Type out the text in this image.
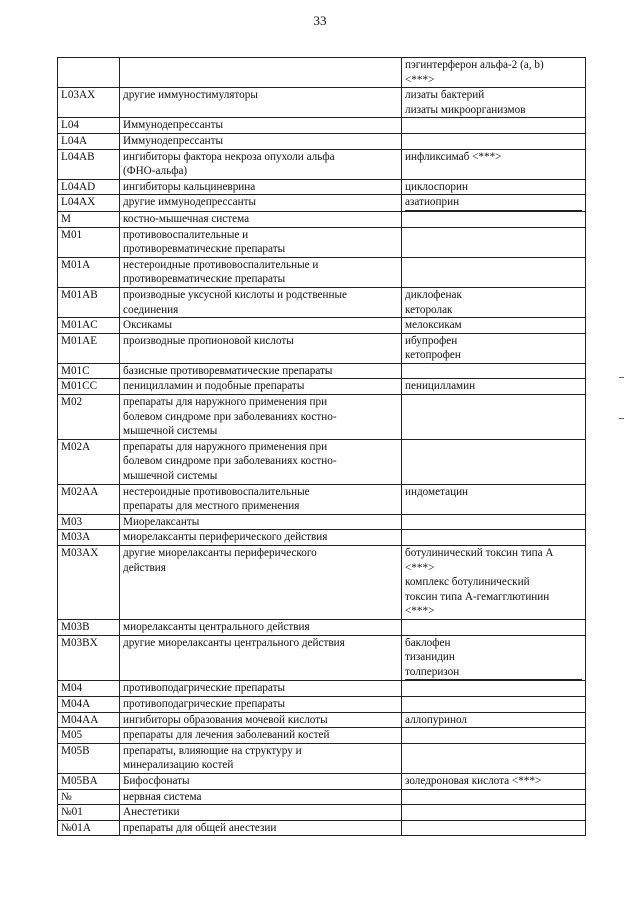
33

		пэгинтерферон альфа-2 (a, b)
<***>

L03AX	другие иммуностимуляторы	лизаты бактерий
лизаты микроорганизмов

L04	Иммунодепрессанты	

L04A	Иммунодепрессанты	

L04AB	ингибиторы фактора некроза опухоли альфа
(ФНО-альфа)	инфликсимаб <***>

L04AD	ингибиторы кальциневрина	циклоспорин

L04AX	другие иммунодепрессанты	азатиоприн

M	костно-мышечная система	

M01	противовоспалительные и
противоревматические препараты	

M01A	нестероидные противовоспалительные и
противоревматические препараты	

M01AB	производные уксусной кислоты и родственные
соединения	диклофенак
кеторолак

M01AC	Оксикамы	мелоксикам

M01AE	производные пропионовой кислоты	ибупрофен
кетопрофен

M01C	базисные противоревматические препараты	

M01CC	пеницилламин и подобные препараты	пеницилламин

M02	препараты для наружного применения при
болевом синдроме при заболеваниях костно-
мышечной системы	

M02A	препараты для наружного применения при
болевом синдроме при заболеваниях костно-
мышечной системы	

M02AA	нестероидные противовоспалительные
препараты для местного применения	индометацин

M03	Миорелаксанты	

M03A	миорелаксанты периферического действия	

M03AX	другие миорелаксанты периферического
действия	ботулинический токсин типа А
<***>
комплекс ботулинический
токсин типа А-гемагглютинин
<***>

M03B	миорелаксанты центрального действия	

M03BX	другие миорелаксанты центрального действия	баклофен
тизанидин
толперизон

M04	противоподагрические препараты	

M04A	противоподагрические препараты	

M04AA	ингибиторы образования мочевой кислоты	аллопуринол

M05	препараты для лечения заболеваний костей	

M05B	препараты, влияющие на структуру и
минерализацию костей	

M05BA	Бифосфонаты	золедроновая кислота <***>

№	нервная система	

№01	Анестетики	

№01A	препараты для общей анестезии	
